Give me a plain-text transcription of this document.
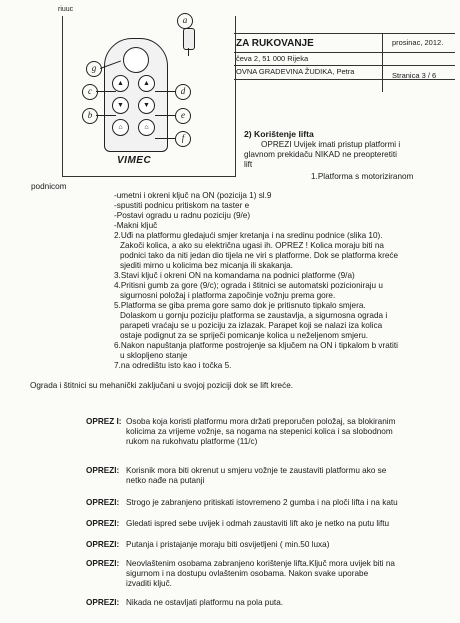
riuuc
▲	▲
▼	▼
⌂	⌂
VIMEC
a
g
c	d
b	e
f
ZA RUKOVANJE	prosinac, 2012.
čeva 2, 51 000 Rijeka
OVNA GRADEVINA ŽUDIKA, Petra	Stranica 3 / 6
2) Korištenje lifta
OPREZI Uvijek imati pristup platformi i
glavnom prekidaču NIKAD ne preopteretiti
lift
1.Platforma s motoriziranom
podnicom
-umetni i okreni ključ na ON (pozicija 1) sl.9
-spustiti podnicu pritiskom na taster e
-Postavi ogradu u radnu poziciju (9/e)
-Makni ključ
2.Uđi na platformu gledajući smjer kretanja i na sredinu podnice (slika 10).
Zakoči kolica, a ako su električna ugasi ih. OPREZ ! Kolica moraju biti na
podnici tako da niti jedan dio tijela ne viri s platforme. Dok se platforma kreće
sjediti mirno u kolicima bez micanja ili skakanja.
3.Stavi ključ i okreni ON na komandama na podnici platforme (9/a)
4.Pritisni gumb za gore (9/c); ograda i štitnici se automatski pozicioniraju u
sigurnosni položaj i platforma započinje vožnju prema gore.
5.Platforma se giba prema gore samo dok je pritisnuto tipkalo smjera.
Dolaskom u gornju poziciju platforma se zaustavlja, a sigurnosna ograda i
parapeti vraćaju se u poziciju za izlazak. Parapet koji se nalazi iza kolica
ostaje podignut za se spriječi pomicanje kolica u neželjenom smjeru.
6.Nakon napuštanja platforme postrojenje sa ključem na ON i tipkalom b vratiti
u sklopljeno stanje
7.na odredištu isto kao i točka 5.
Ograda i štitnici su mehanički zaključani u svojoj poziciji dok se lift kreće.
OPREZ I: Osoba koja koristi platformu mora držati preporučen položaj, sa blokiranim
kolicima za vrijeme vožnje, sa nogama na stepenici kolica i sa slobodnom
rukom na rukohvatu platforme (11/c)
OPREZI: Korisnik mora biti okrenut u smjeru vožnje te zaustaviti platformu ako se
netko nađe na putanji
OPREZI: Strogo je zabranjeno pritiskati istovremeno 2 gumba i na ploči lifta i na katu
OPREZI: Gledati ispred sebe uvijek i odmah zaustaviti lift ako je netko na putu liftu
OPREZI: Putanja i pristajanje moraju biti osvijetljeni ( min.50 luxa)
OPREZI: Neovlaštenim osobama zabranjeno korištenje lifta.Ključ mora uvijek biti na
sigurnom i na dostupu ovlaštenim osobama. Nakon svake uporabe
izvaditi ključ.
OPREZI: Nikada ne ostavljati platformu na pola puta.
